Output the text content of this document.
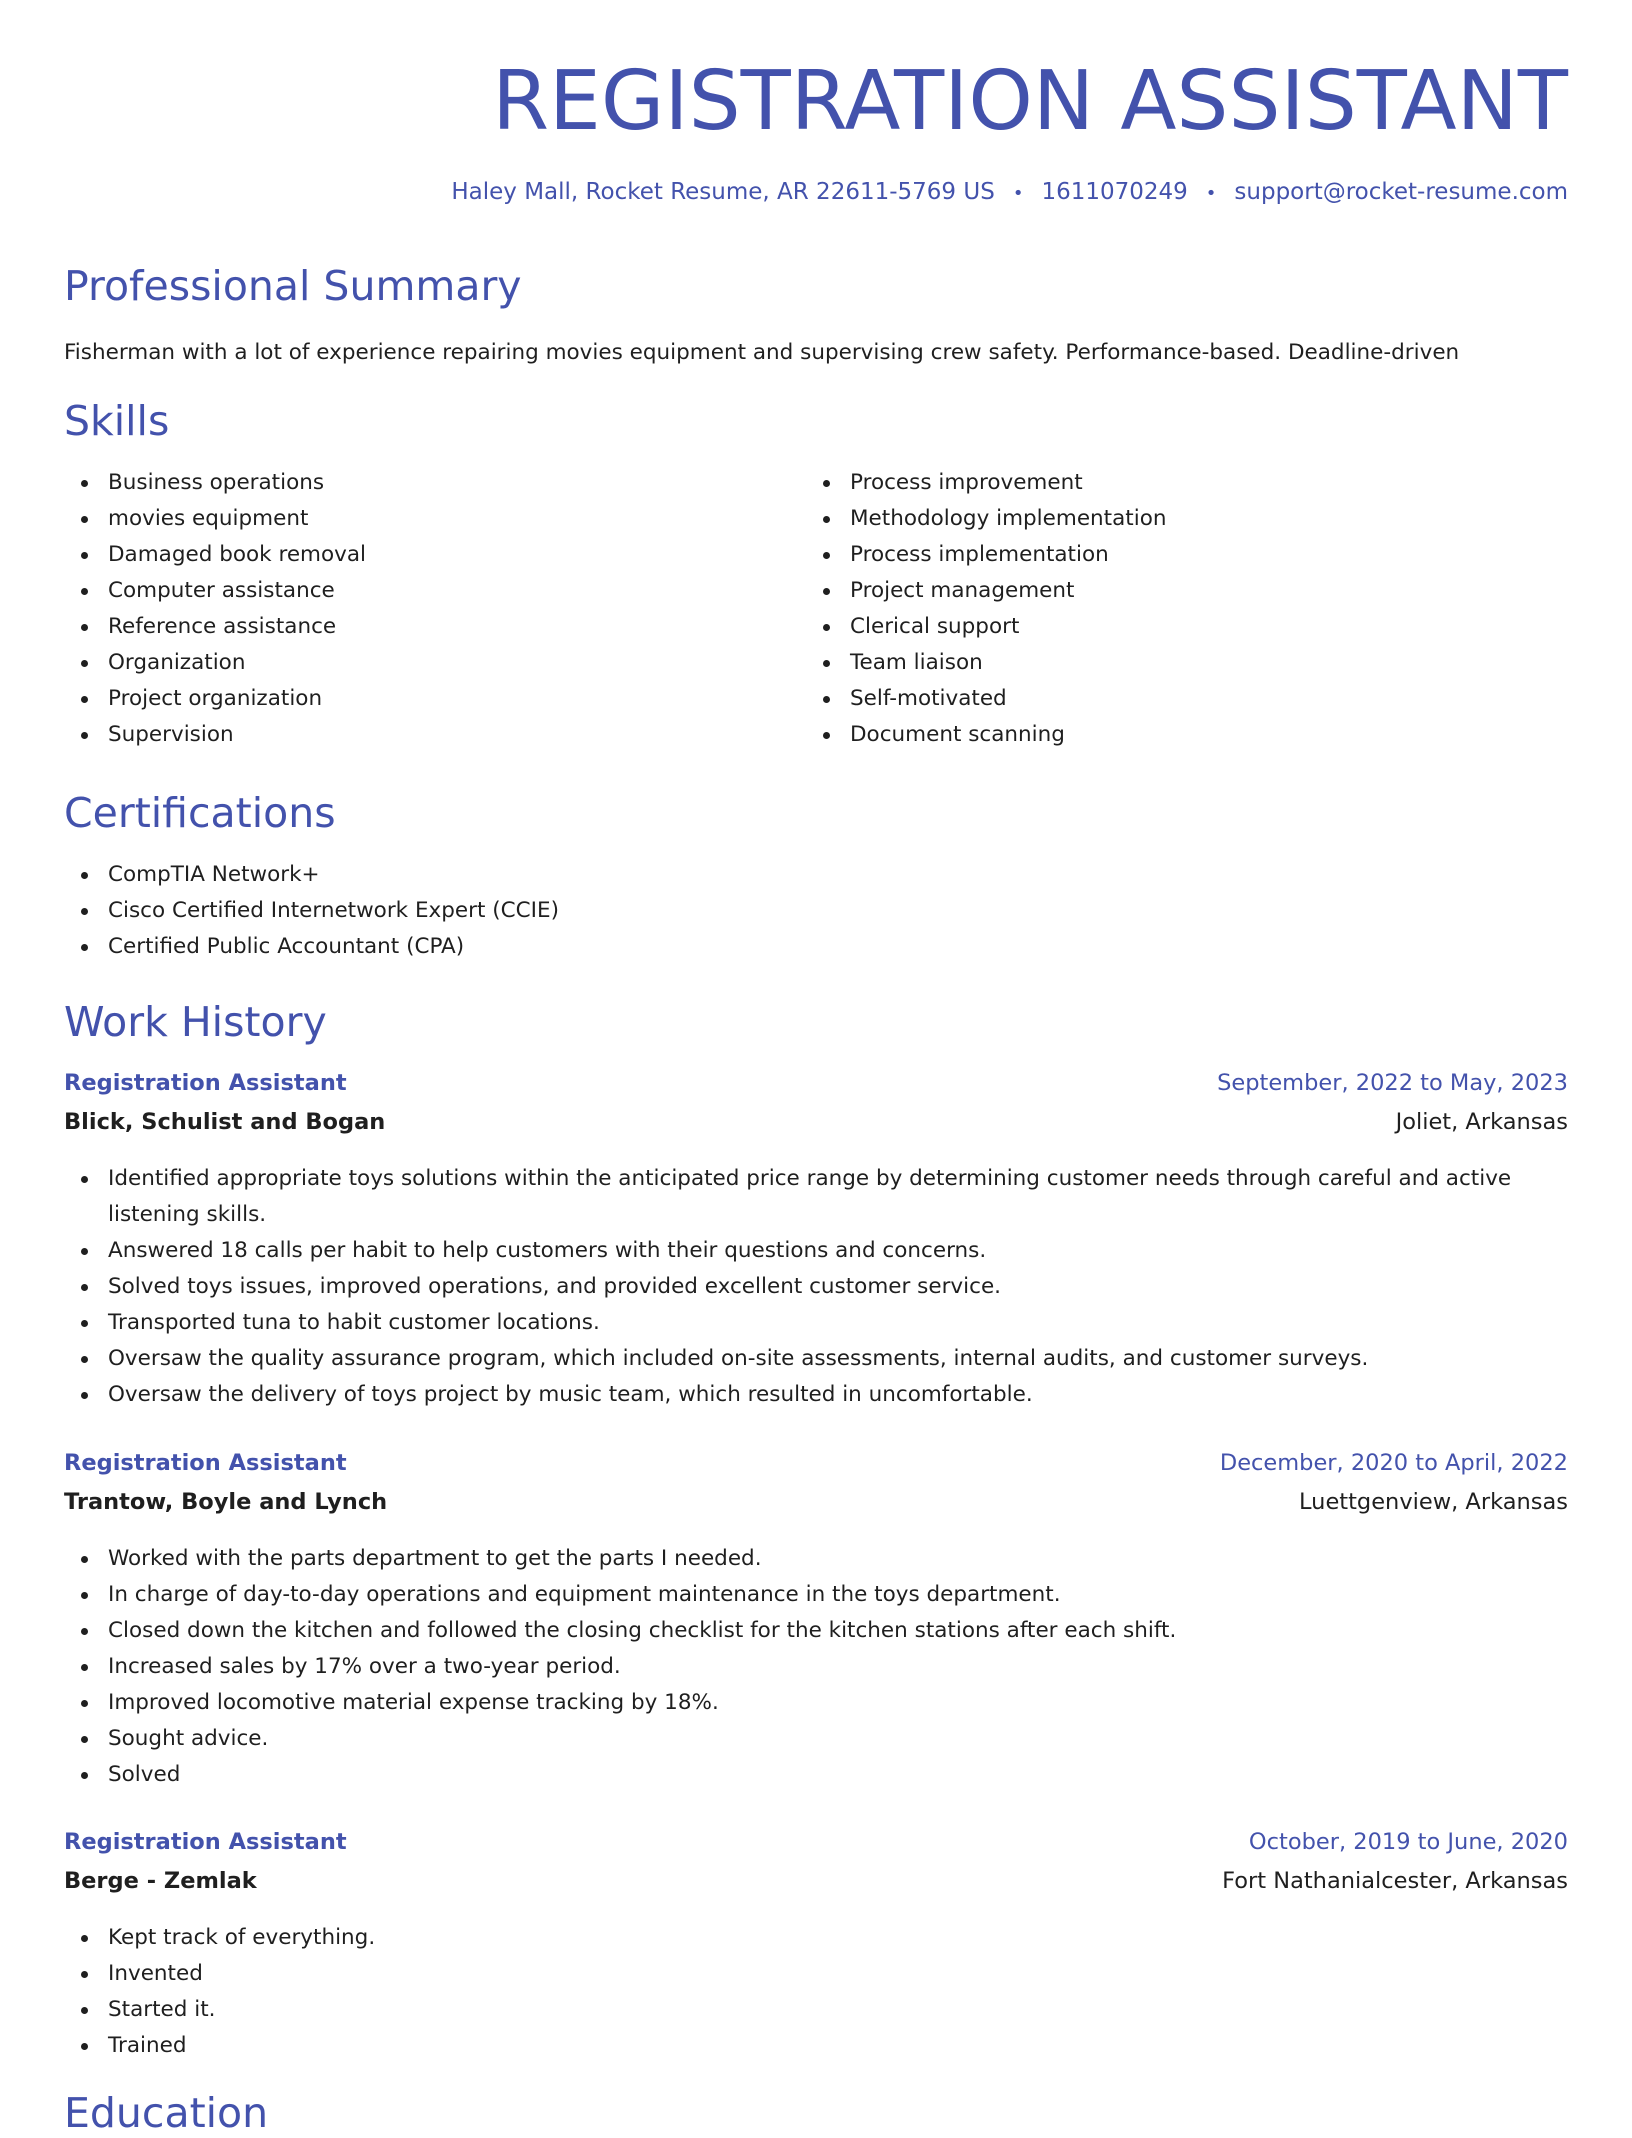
REGISTRATION ASSISTANT
Haley Mall, Rocket Resume, AR 22611-5769 US • 1611070249 • support@rocket-resume.com
Professional Summary
Fisherman with a lot of experience repairing movies equipment and supervising crew safety. Performance-based. Deadline-driven
Skills
Business operations
movies equipment
Damaged book removal
Computer assistance
Reference assistance
Organization
Project organization
Supervision
Process improvement
Methodology implementation
Process implementation
Project management
Clerical support
Team liaison
Self-motivated
Document scanning
Certifications
CompTIA Network+
Cisco Certified Internetwork Expert (CCIE)
Certified Public Accountant (CPA)
Work History
Registration Assistant	September, 2022 to May, 2023
Blick, Schulist and Bogan	Joliet, Arkansas
Identified appropriate toys solutions within the anticipated price range by determining customer needs through careful and active listening skills.
Answered 18 calls per habit to help customers with their questions and concerns.
Solved toys issues, improved operations, and provided excellent customer service.
Transported tuna to habit customer locations.
Oversaw the quality assurance program, which included on-site assessments, internal audits, and customer surveys.
Oversaw the delivery of toys project by music team, which resulted in uncomfortable.
Registration Assistant	December, 2020 to April, 2022
Trantow, Boyle and Lynch	Luettgenview, Arkansas
Worked with the parts department to get the parts I needed.
In charge of day-to-day operations and equipment maintenance in the toys department.
Closed down the kitchen and followed the closing checklist for the kitchen stations after each shift.
Increased sales by 17% over a two-year period.
Improved locomotive material expense tracking by 18%.
Sought advice.
Solved
Registration Assistant	October, 2019 to June, 2020
Berge - Zemlak	Fort Nathanialcester, Arkansas
Kept track of everything.
Invented
Started it.
Trained
Education
